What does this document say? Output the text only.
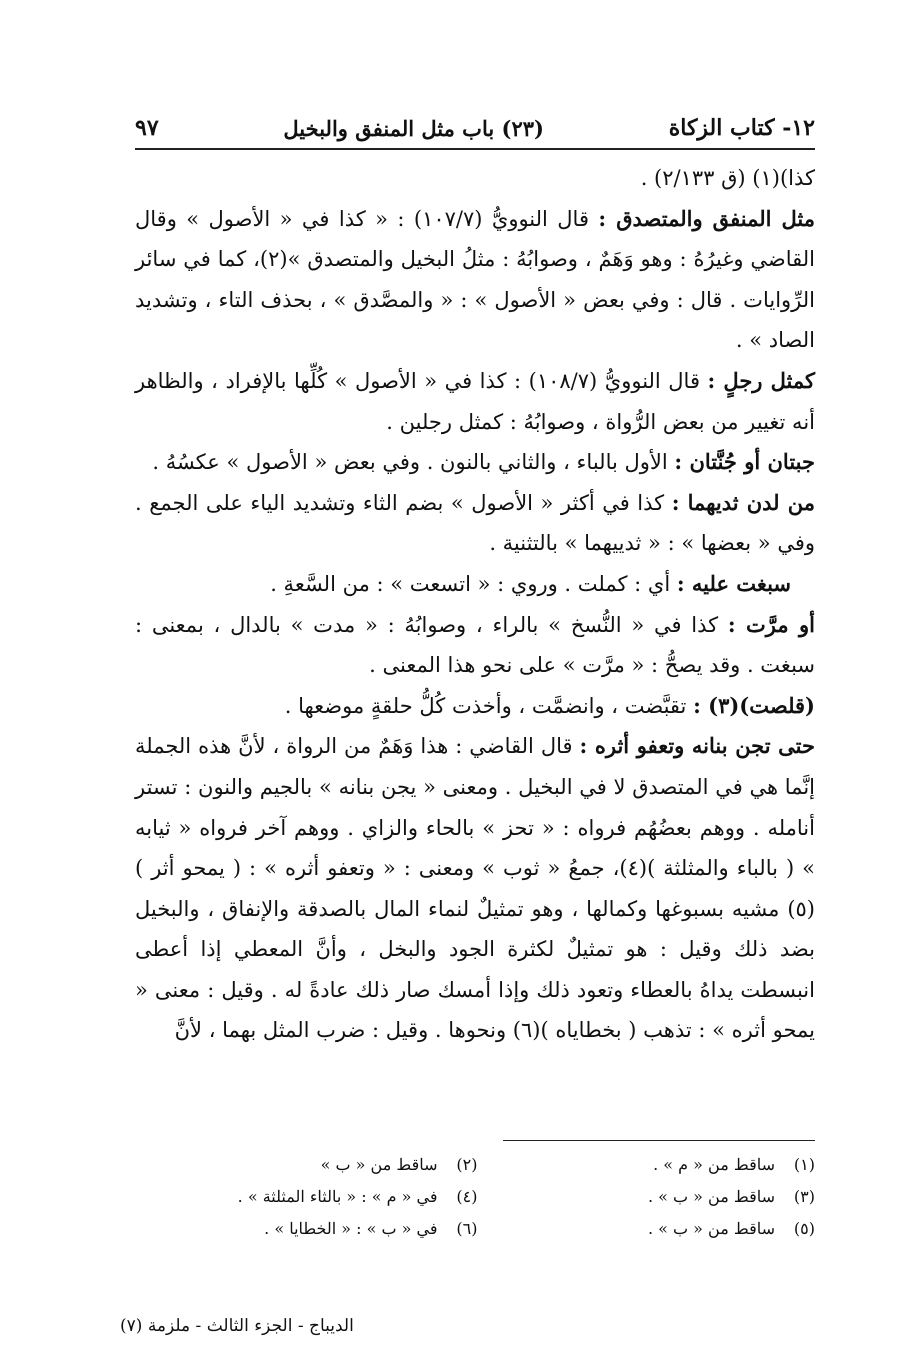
١٢- كتاب الزكاة
(٢٣) باب مثل المنفق والبخيل
٩٧

كذا)(١) (ق ٢/١٣٣) .

مثل المنفق والمتصدق : قال النوويُّ (١٠٧/٧) : « كذا في « الأصول » وقال القاضي وغيرُهُ : وهو وَهَمٌ ، وصوابُهُ : مثلُ البخيل والمتصدق »(٢)، كما في سائر الرِّوايات . قال : وفي بعض « الأصول » : « والمصَّدق » ، بحذف التاء ، وتشديد الصاد » .

كمثل رجلٍ : قال النوويُّ (١٠٨/٧) : كذا في « الأصول » كُلِّها بالإفراد ، والظاهر أنه تغيير من بعض الرُّواة ، وصوابُهُ : كمثل رجلين .

جبتان أو جُنَّتان : الأول بالباء ، والثاني بالنون . وفي بعض « الأصول » عكسُهُ .

من لدن ثديهما : كذا في أكثر « الأصول » بضم الثاء وتشديد الياء على الجمع . وفي « بعضها » : « ثدييهما » بالتثنية .

سبغت عليه : أي : كملت . وروي : « اتسعت » : من السَّعةِ .

أو مرَّت : كذا في « النُّسخ » بالراء ، وصوابُهُ : « مدت » بالدال ، بمعنى : سبغت . وقد يصحُّ : « مرَّت » على نحو هذا المعنى .

(قلصت)(٣) : تقبَّضت ، وانضمَّت ، وأخذت كُلُّ حلقةٍ موضعها .

حتى تجن بنانه وتعفو أثره : قال القاضي : هذا وَهَمٌ من الرواة ، لأنَّ هذه الجملة إنَّما هي في المتصدق لا في البخيل . ومعنى « يجن بنانه » بالجيم والنون : تستر أنامله . ووهم بعضُهُم فرواه : « تحز » بالحاء والزاي . ووهم آخر فرواه « ثيابه » ( بالباء والمثلثة )(٤)، جمعُ « ثوب » ومعنى : « وتعفو أثره » : ( يمحو أثر )(٥) مشيه بسبوغها وكمالها ، وهو تمثيلٌ لنماء المال بالصدقة والإنفاق ، والبخيل بضد ذلك وقيل : هو تمثيلٌ لكثرة الجود والبخل ، وأنَّ المعطي إذا أعطى انبسطت يداهُ بالعطاء وتعود ذلك وإذا أمسك صار ذلك عادةً له . وقيل : معنى « يمحو أثره » : تذهب ( بخطاياه )(٦) ونحوها . وقيل : ضرب المثل بهما ، لأنَّ

(١)ساقط من « م » .
(٢)ساقط من « ب »
(٣)ساقط من « ب » .
(٤)في « م » : « بالثاء المثلثة » .
(٥)ساقط من « ب » .
(٦)في « ب » : « الخطايا » .
الديباج - الجزء الثالث - ملزمة (٧)
